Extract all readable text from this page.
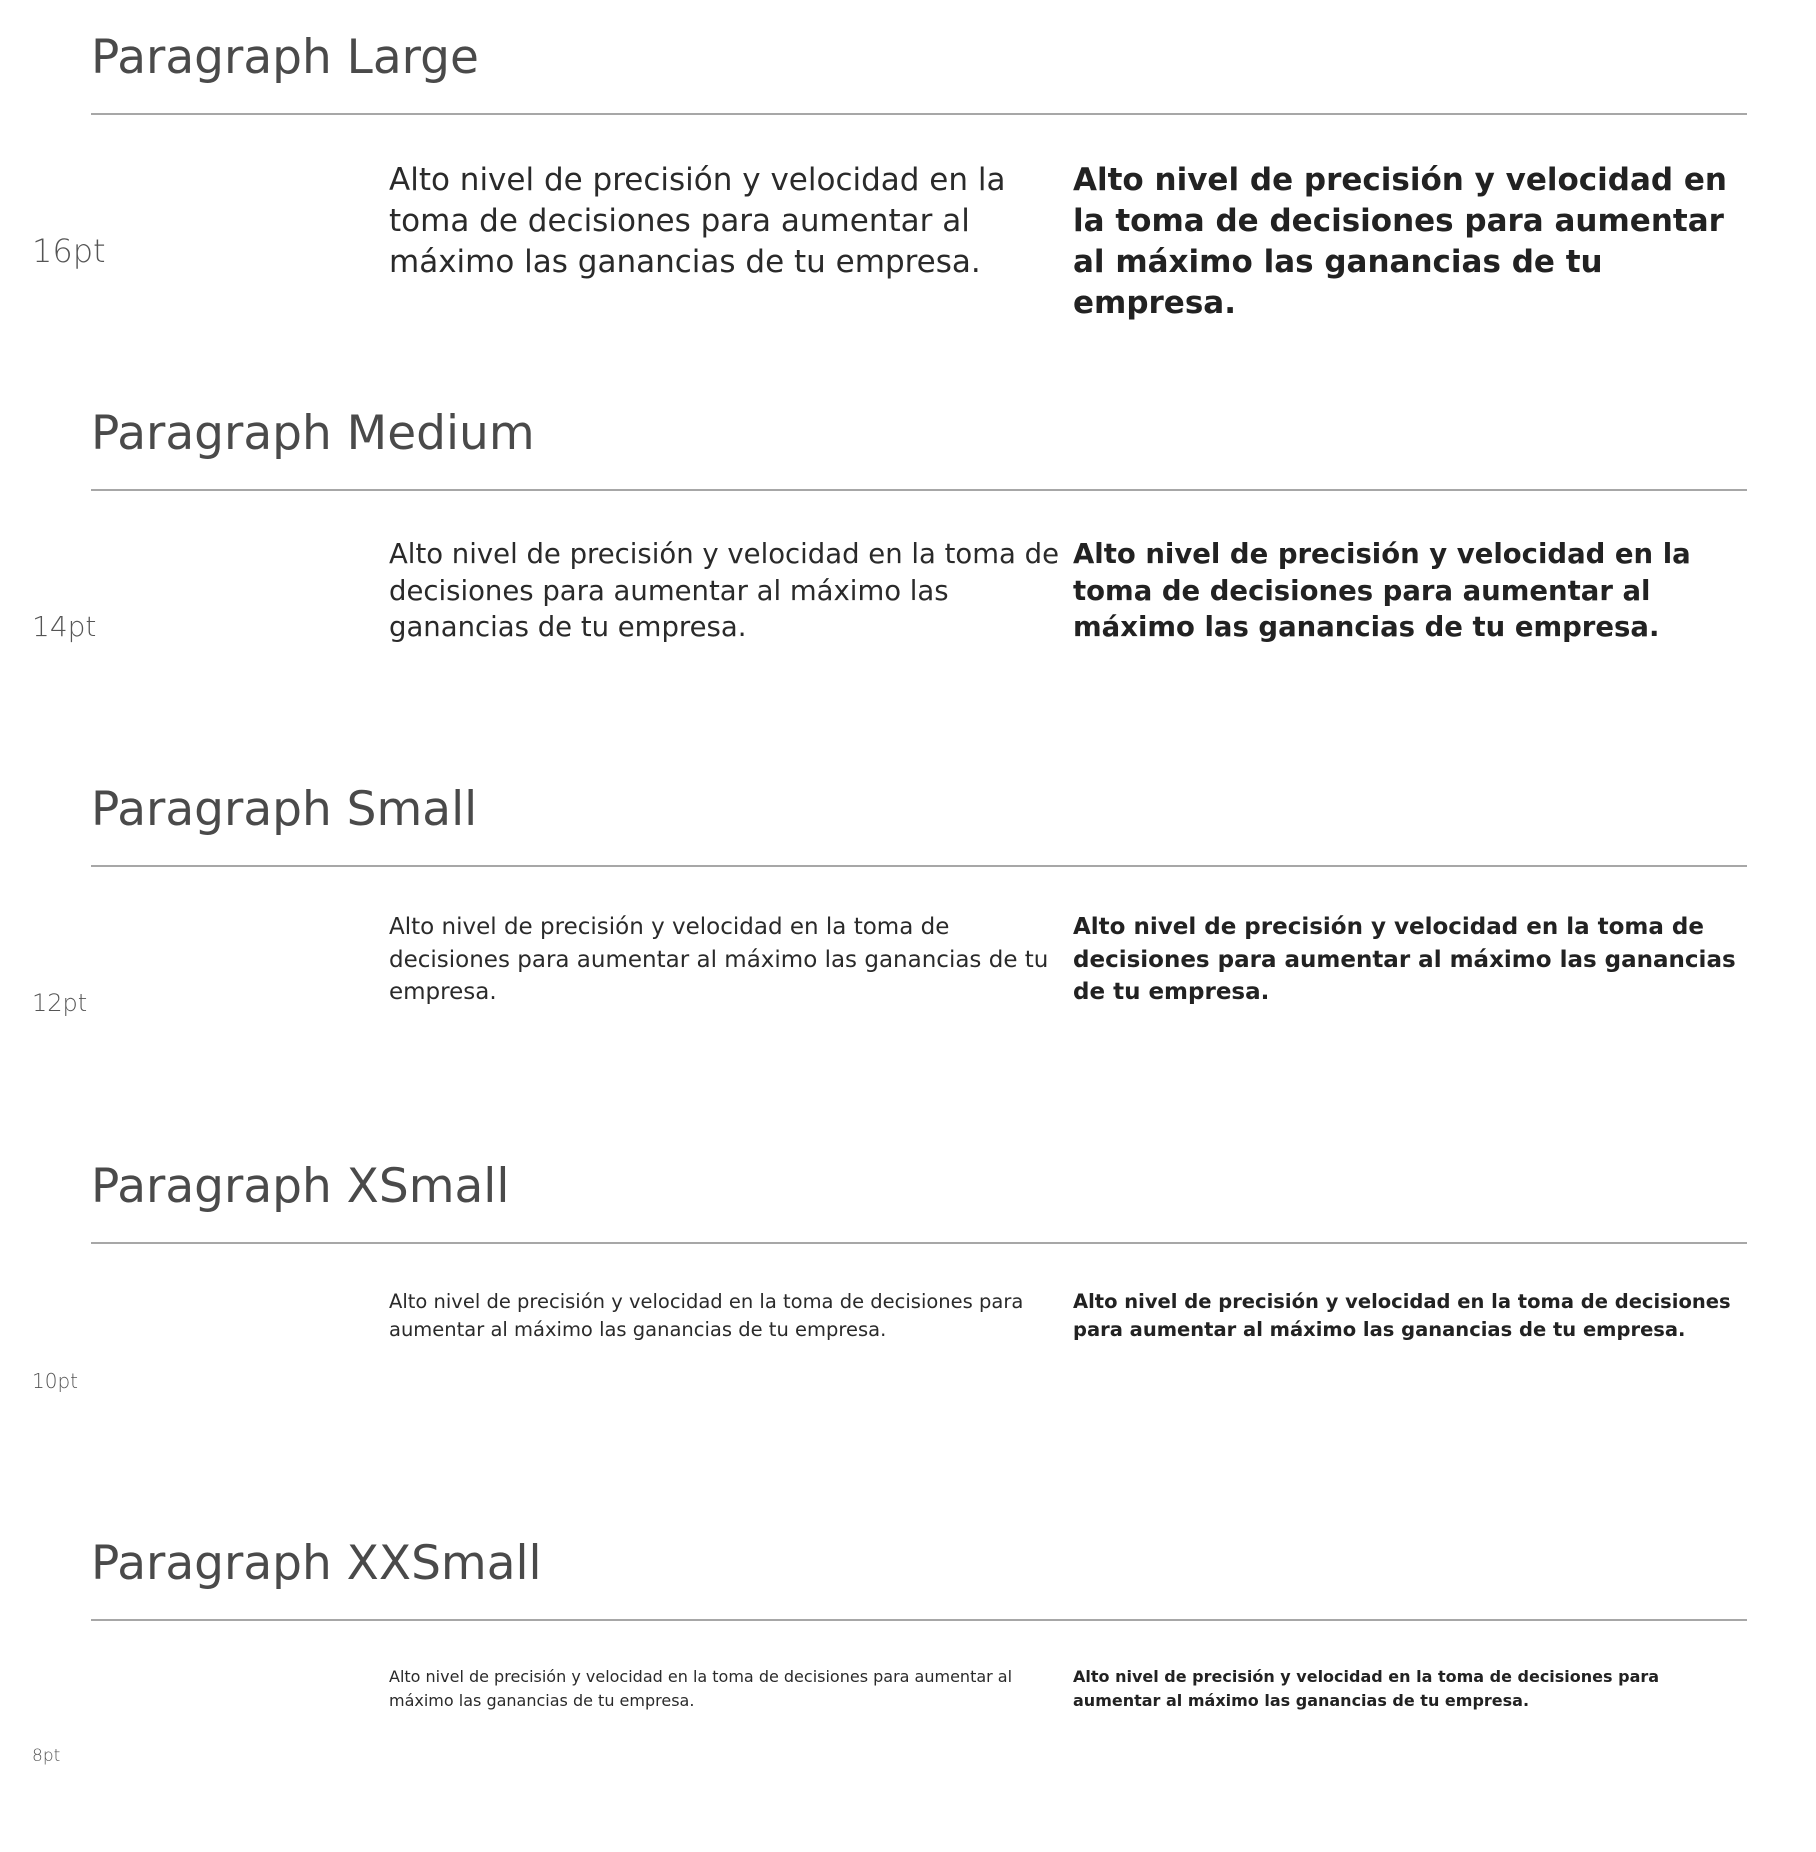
Paragraph Large
16pt

Alto nivel de precisión y velocidad en la toma de decisiones para aumentar al máximo las ganancias de tu empresa.

Alto nivel de precisión y velocidad en la toma de decisiones para aumentar al máximo las ganancias de tu empresa.

Paragraph Medium
14pt

Alto nivel de precisión y velocidad en la toma de decisiones para aumentar al máximo las ganancias de tu empresa.

Alto nivel de precisión y velocidad en la toma de decisiones para aumentar al máximo las ganancias de tu empresa.

Paragraph Small
12pt

Alto nivel de precisión y velocidad en la toma de decisiones para aumentar al máximo las ganancias de tu empresa.

Alto nivel de precisión y velocidad en la toma de decisiones para aumentar al máximo las ganancias de tu empresa.

Paragraph XSmall
10pt

Alto nivel de precisión y velocidad en la toma de decisiones para aumentar al máximo las ganancias de tu empresa.

Alto nivel de precisión y velocidad en la toma de decisiones para aumentar al máximo las ganancias de tu empresa.

Paragraph XXSmall
8pt

Alto nivel de precisión y velocidad en la toma de decisiones para aumentar al máximo las ganancias de tu empresa.

Alto nivel de precisión y velocidad en la toma de decisiones para aumentar al máximo las ganancias de tu empresa.
